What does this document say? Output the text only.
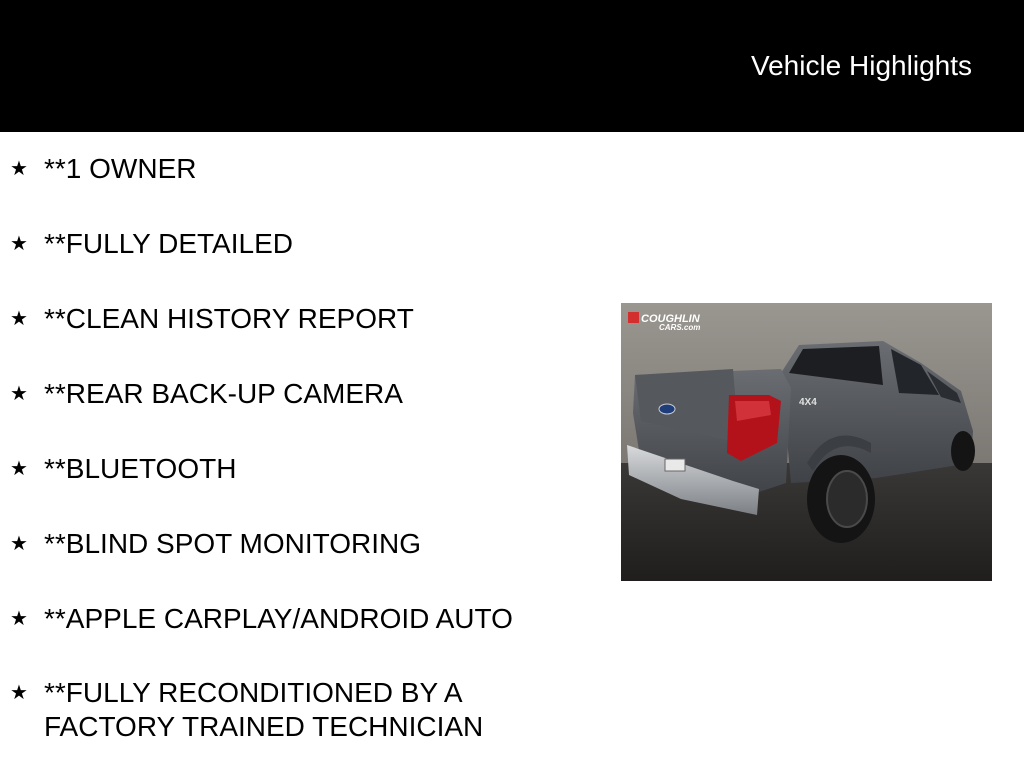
Vehicle Highlights
★ **1 OWNER
★ **FULLY DETAILED
★ **CLEAN HISTORY REPORT
★ **REAR BACK-UP CAMERA
★ **BLUETOOTH
★ **BLIND SPOT MONITORING
★ **APPLE CARPLAY/ANDROID AUTO
★ **FULLY RECONDITIONED BY A FACTORY TRAINED TECHNICIAN
4X4
COUGHLIN
CARS.com
